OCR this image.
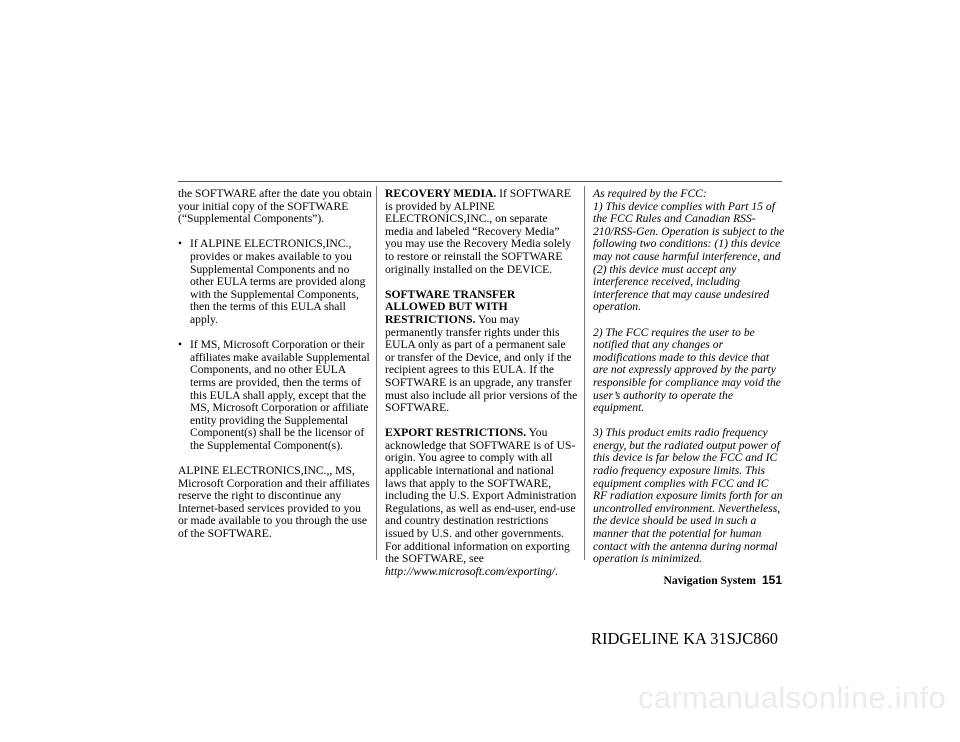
the SOFTWARE after the date you obtain your initial copy of the SOFTWARE (“Supplemental Components”).

• If ALPINE ELECTRONICS,INC., provides or makes available to you Supplemental Components and no other EULA terms are provided along with the Supplemental Components, then the terms of this EULA shall apply.
• If MS, Microsoft Corporation or their affiliates make available Supplemental Components, and no other EULA terms are provided, then the terms of this EULA shall apply, except that the MS, Microsoft Corporation or affiliate entity providing the Supplemental Component(s) shall be the licensor of the Supplemental Component(s).

ALPINE ELECTRONICS,INC.,, MS, Microsoft Corporation and their affiliates reserve the right to discontinue any Internet-based services provided to you or made available to you through the use of the SOFTWARE.

RECOVERY MEDIA. If SOFTWARE is provided by ALPINE ELECTRONICS,INC., on separate media and labeled “Recovery Media” you may use the Recovery Media solely to restore or reinstall the SOFTWARE originally installed on the DEVICE.

SOFTWARE TRANSFER ALLOWED BUT WITH RESTRICTIONS. You may permanently transfer rights under this EULA only as part of a permanent sale or transfer of the Device, and only if the recipient agrees to this EULA. If the SOFTWARE is an upgrade, any transfer must also include all prior versions of the SOFTWARE.

EXPORT RESTRICTIONS. You acknowledge that SOFTWARE is of US-origin. You agree to comply with all applicable international and national laws that apply to the SOFTWARE, including the U.S. Export Administration Regulations, as well as end-user, end-use and country destination restrictions issued by U.S. and other governments.
For additional information on exporting the SOFTWARE, see http://www.microsoft.com/exporting/.

As required by the FCC:

1) This device complies with Part 15 of the FCC Rules and Canadian RSS-210/RSS-Gen. Operation is subject to the following two conditions: (1) this device may not cause harmful interference, and (2) this device must accept any interference received, including interference that may cause undesired operation.

2) The FCC requires the user to be notified that any changes or modifications made to this device that are not expressly approved by the party responsible for compliance may void the user’s authority to operate the equipment.

3) This product emits radio frequency energy, but the radiated output power of this device is far below the FCC and IC radio frequency exposure limits. This equipment complies with FCC and IC RF radiation exposure limits forth for an uncontrolled environment. Nevertheless, the device should be used in such a manner that the potential for human contact with the antenna during normal operation is minimized.

Navigation System 151
RIDGELINE KA 31SJC860
carmanualsonline.info
